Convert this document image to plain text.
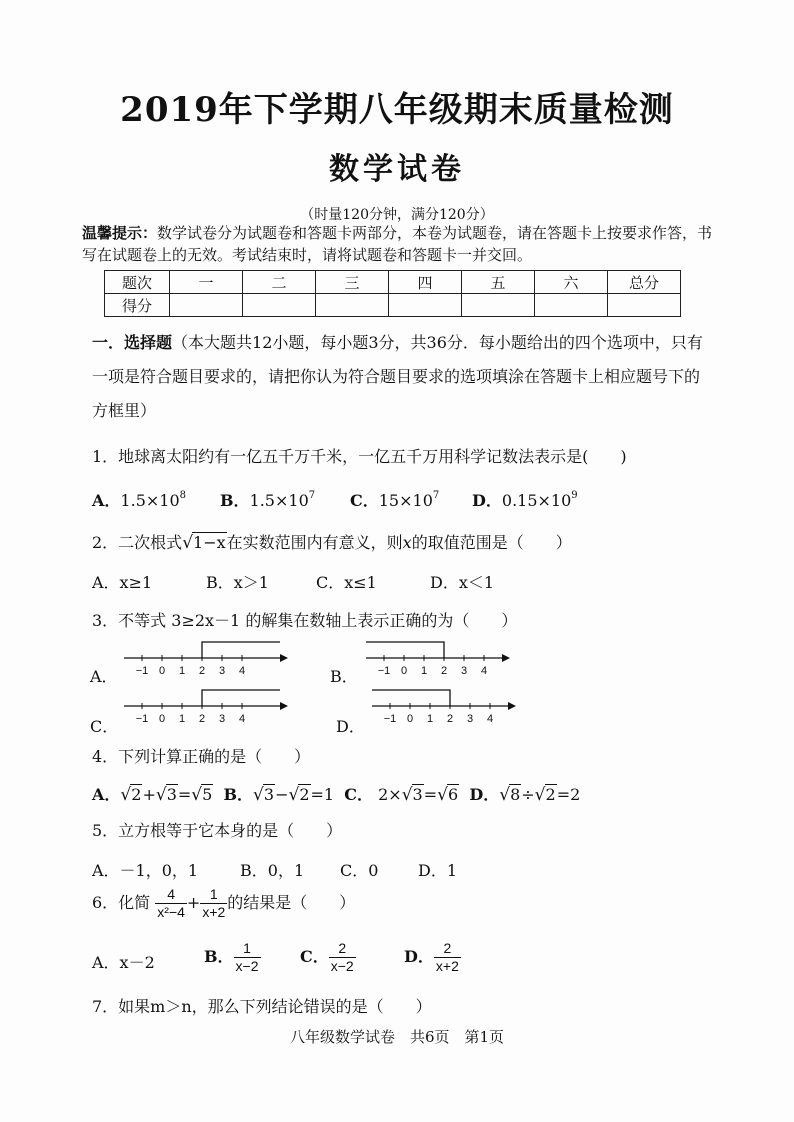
2019年下学期八年级期末质量检测
数学试卷
（时量120分钟，满分120分）
温馨提示：数学试卷分为试题卷和答题卡两部分，本卷为试题卷，请在答题卡上按要求作答，书写在试题卷上的无效。考试结束时，请将试题卷和答题卡一并交回。
题次	一	二	三	四	五	六	总分
得分							
一．选择题（本大题共12小题，每小题3分，共36分．每小题给出的四个选项中，只有一项是符合题目要求的，请把你认为符合题目要求的选项填涂在答题卡上相应题号下的方框里）
1．地球离太阳约有一亿五千万千米，一亿五千万用科学记数法表示是(　　)
A．$1.5\times 10^8$ B．$1.5\times 10^7$ C．$15\times 10^7$ D．$0.15\times 10^9$
2．二次根式√1−x在实数范围内有意义，则x的取值范围是（　　）
A．x≥1	B．x＞1	C．x≤1	D．x＜1
3．不等式 3≥2x－1 的解集在数轴上表示正确的为（　　）
A．	B．
C．	D．
−1 0 1 2 3 4	−1 0 1 2 3 4
−1 0 1 2 3 4	−1 0 1 2 3 4
4．下列计算正确的是（　　）
A．√2+√3=√5 B．√3−√2=1 C． 2×√3=√6 D．√8÷√2=2
5．立方根等于它本身的是（　　）
A．－1，0，1	B．0，1 C．0 D．1
6．化简 $\frac{4}{\text{x²−4}} + \frac{1}{x+2}$ 的结果是（　　）
A．x－2	B． $\frac{1}{x-2}$ C． $\frac{2}{x-2}$	D． $\frac{2}{x+2}$
7．如果m＞n，那么下列结论错误的是（　　）
八年级数学试卷　共6页　第1页
